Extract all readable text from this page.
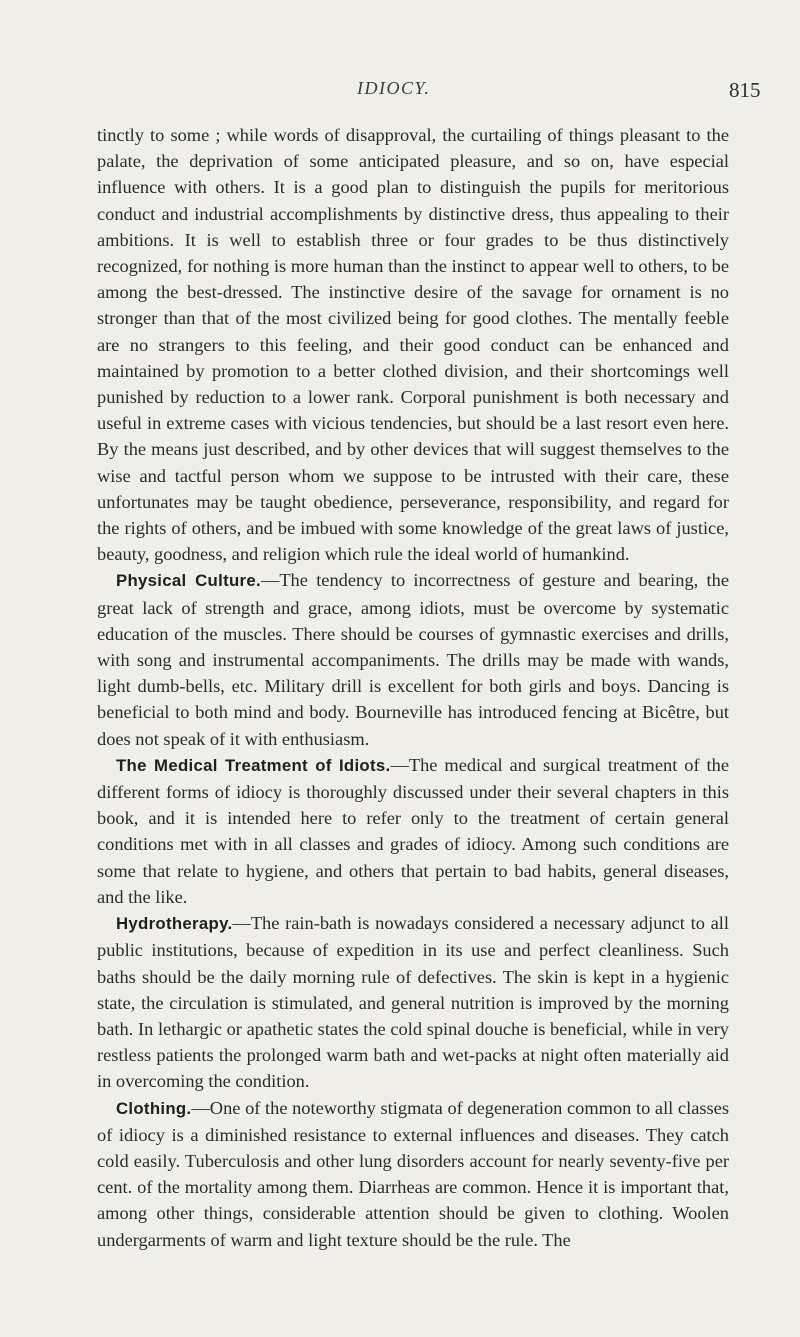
IDIOCY.	815

tinctly to some ; while words of disapproval, the curtailing of things pleasant to the palate, the deprivation of some anticipated pleasure, and so on, have especial influence with others. It is a good plan to distinguish the pupils for meritorious conduct and industrial accomplishments by distinctive dress, thus appealing to their ambitions. It is well to establish three or four grades to be thus distinctively recognized, for nothing is more human than the instinct to appear well to others, to be among the best-dressed. The instinctive desire of the savage for ornament is no stronger than that of the most civilized being for good clothes. The mentally feeble are no strangers to this feeling, and their good conduct can be enhanced and maintained by promotion to a better clothed division, and their shortcomings well punished by reduction to a lower rank. Corporal punishment is both necessary and useful in extreme cases with vicious tendencies, but should be a last resort even here. By the means just described, and by other devices that will suggest themselves to the wise and tactful person whom we suppose to be intrusted with their care, these unfortunates may be taught obedience, perseverance, responsibility, and regard for the rights of others, and be imbued with some knowledge of the great laws of justice, beauty, goodness, and religion which rule the ideal world of humankind.

Physical Culture.—The tendency to incorrectness of gesture and bearing, the great lack of strength and grace, among idiots, must be overcome by systematic education of the muscles. There should be courses of gymnastic exercises and drills, with song and instrumental accompaniments. The drills may be made with wands, light dumb-bells, etc. Military drill is excellent for both girls and boys. Dancing is beneficial to both mind and body. Bourneville has introduced fencing at Bicêtre, but does not speak of it with enthusiasm.

The Medical Treatment of Idiots.—The medical and surgical treatment of the different forms of idiocy is thoroughly discussed under their several chapters in this book, and it is intended here to refer only to the treatment of certain general conditions met with in all classes and grades of idiocy. Among such conditions are some that relate to hygiene, and others that pertain to bad habits, general diseases, and the like.

Hydrotherapy.—The rain-bath is nowadays considered a necessary adjunct to all public institutions, because of expedition in its use and perfect cleanliness. Such baths should be the daily morning rule of defectives. The skin is kept in a hygienic state, the circulation is stimulated, and general nutrition is improved by the morning bath. In lethargic or apathetic states the cold spinal douche is beneficial, while in very restless patients the prolonged warm bath and wet-packs at night often materially aid in overcoming the condition.

Clothing.—One of the noteworthy stigmata of degeneration common to all classes of idiocy is a diminished resistance to external influences and diseases. They catch cold easily. Tuberculosis and other lung disorders account for nearly seventy-five per cent. of the mortality among them. Diarrheas are common. Hence it is important that, among other things, considerable attention should be given to clothing. Woolen undergarments of warm and light texture should be the rule. The
